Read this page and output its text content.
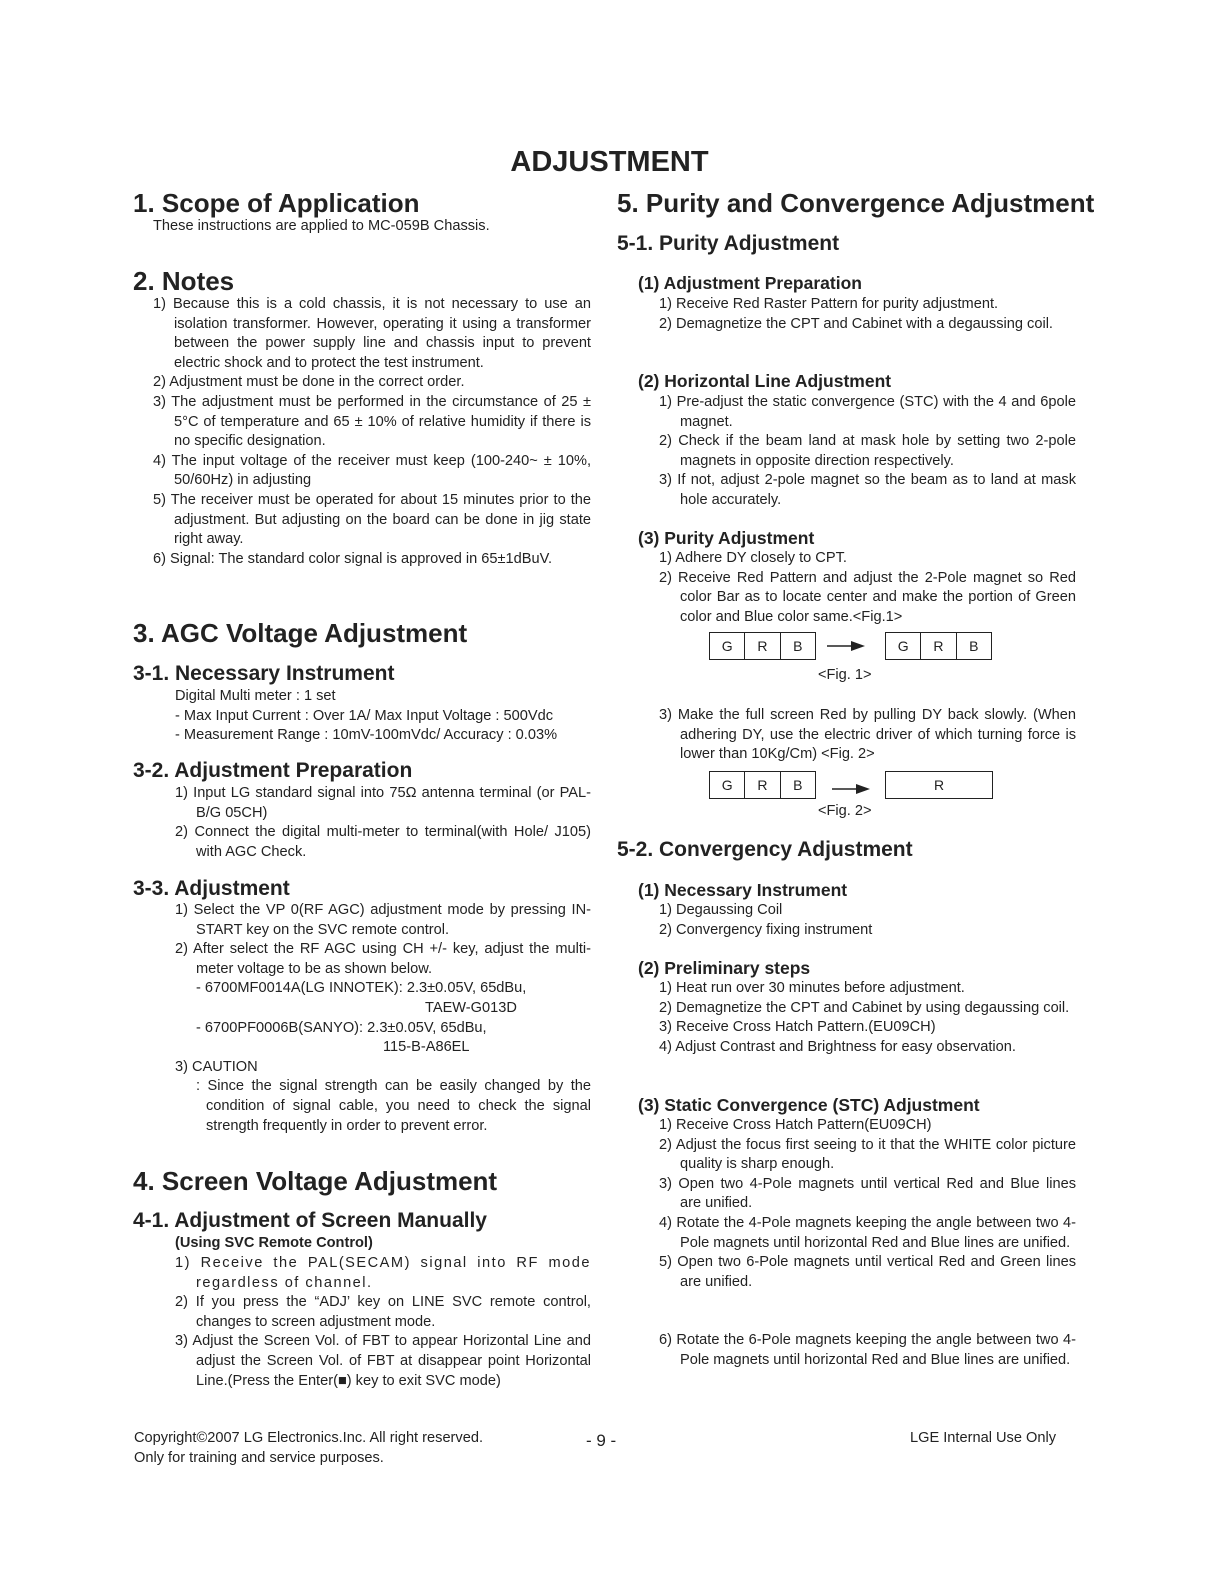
ADJUSTMENT
1. Scope of Application
These instructions are applied to MC-059B Chassis.
2. Notes
1) Because this is a cold chassis, it is not necessary to use an isolation transformer. However, operating it using a transformer between the power supply line and chassis input to prevent electric shock and to protect the test instrument.
2) Adjustment must be done in the correct order.
3) The adjustment must be performed in the circumstance of 25 ± 5°C of temperature and 65 ± 10% of relative humidity if there is no specific designation.
4) The input voltage of the receiver must keep (100-240~ ± 10%, 50/60Hz) in adjusting
5) The receiver must be operated for about 15 minutes prior to the adjustment. But adjusting on the board can be done in jig state right away.
6) Signal: The standard color signal is approved in 65±1dBuV.
3. AGC Voltage Adjustment
3-1. Necessary Instrument
Digital Multi meter : 1 set
- Max Input Current : Over 1A/ Max Input Voltage : 500Vdc
- Measurement Range : 10mV-100mVdc/ Accuracy : 0.03%
3-2. Adjustment Preparation
1) Input LG standard signal into 75Ω antenna terminal (or PAL-B/G 05CH)
2) Connect the digital multi-meter to terminal(with Hole/ J105) with AGC Check.
3-3. Adjustment
1) Select the VP 0(RF AGC) adjustment mode by pressing IN-START key on the SVC remote control.
2) After select the RF AGC using CH +/- key, adjust the multi-meter voltage to be as shown below.
- 6700MF0014A(LG INNOTEK): 2.3±0.05V, 65dBu,
TAEW-G013D
- 6700PF0006B(SANYO): 2.3±0.05V, 65dBu,
115-B-A86EL
3) CAUTION
: Since the signal strength can be easily changed by the condition of signal cable, you need to check the signal strength frequently in order to prevent error.
4. Screen Voltage Adjustment
4-1. Adjustment of Screen Manually
(Using SVC Remote Control)
1) Receive the PAL(SECAM) signal into RF mode regardless of channel.
2) If you press the “ADJ’ key on LINE SVC remote control, changes to screen adjustment mode.
3) Adjust the Screen Vol. of FBT to appear Horizontal Line and adjust the Screen Vol. of FBT at disappear point Horizontal Line.(Press the Enter(■) key to exit SVC mode)
5. Purity and Convergence Adjustment
5-1. Purity Adjustment
(1) Adjustment Preparation
1) Receive Red Raster Pattern for purity adjustment.
2) Demagnetize the CPT and Cabinet with a degaussing coil.
(2) Horizontal Line Adjustment
1) Pre-adjust the static convergence (STC) with the 4 and 6pole magnet.
2) Check if the beam land at mask hole by setting two 2-pole magnets in opposite direction respectively.
3) If not, adjust 2-pole magnet so the beam as to land at mask hole accurately.
(3) Purity Adjustment
1) Adhere DY closely to CPT.
2) Receive Red Pattern and adjust the 2-Pole magnet so Red color Bar as to locate center and make the portion of Green color and Blue color same.<Fig.1>
G	R	B	G	R	B
<Fig. 1>
3) Make the full screen Red by pulling DY back slowly. (When adhering DY, use the electric driver of which turning force is lower than 10Kg/Cm) <Fig. 2>
G	R	B	R
<Fig. 2>
5-2. Convergency Adjustment
(1) Necessary Instrument
1) Degaussing Coil
2) Convergency fixing instrument
(2) Preliminary steps
1) Heat run over 30 minutes before adjustment.
2) Demagnetize the CPT and Cabinet by using degaussing coil.
3) Receive Cross Hatch Pattern.(EU09CH)
4) Adjust Contrast and Brightness for easy observation.
(3) Static Convergence (STC) Adjustment
1) Receive Cross Hatch Pattern(EU09CH)
2) Adjust the focus first seeing to it that the WHITE color picture quality is sharp enough.
3) Open two 4-Pole magnets until vertical Red and Blue lines are unified.
4) Rotate the 4-Pole magnets keeping the angle between two 4-Pole magnets until horizontal Red and Blue lines are unified.
5) Open two 6-Pole magnets until vertical Red and Green lines are unified.
6) Rotate the 6-Pole magnets keeping the angle between two 4-Pole magnets until horizontal Red and Blue lines are unified.
Copyright©2007 LG Electronics.Inc. All right reserved.
Only for training and service purposes.
- 9 -	LGE Internal Use Only
